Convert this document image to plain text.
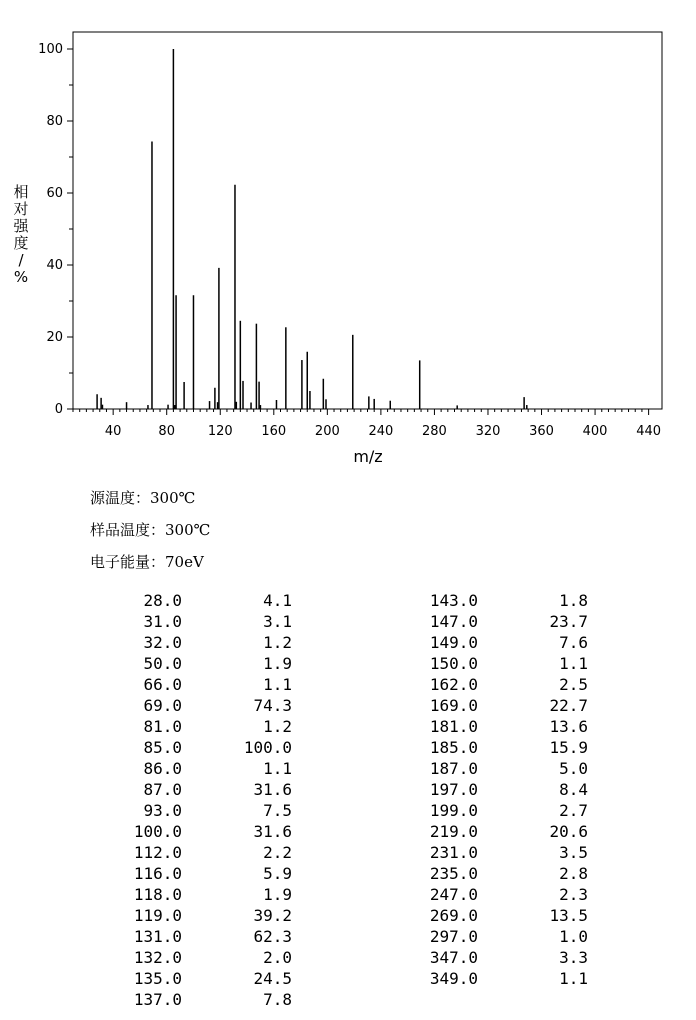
0
20
40
60
80
100
40	80	120 160 200 240 280 320 360 400 440
m/z
相
对
强
度
/
%
源温度：300℃
样品温度：300℃
电子能量：70eV
28.0	4.1
31.0	3.1
32.0	1.2
50.0	1.9
66.0	1.1
69.0	74.3
81.0	1.2
85.0	100.0
86.0	1.1
87.0	31.6
93.0	7.5
100.0	31.6
112.0	2.2
116.0	5.9
118.0	1.9
119.0	39.2
131.0	62.3
132.0	2.0
135.0	24.5
137.0	7.8
143.0	1.8
147.0	23.7
149.0	7.6
150.0	1.1
162.0	2.5
169.0	22.7
181.0	13.6
185.0	15.9
187.0	5.0
197.0	8.4
199.0	2.7
219.0	20.6
231.0	3.5
235.0	2.8
247.0	2.3
269.0	13.5
297.0	1.0
347.0	3.3
349.0	1.1
